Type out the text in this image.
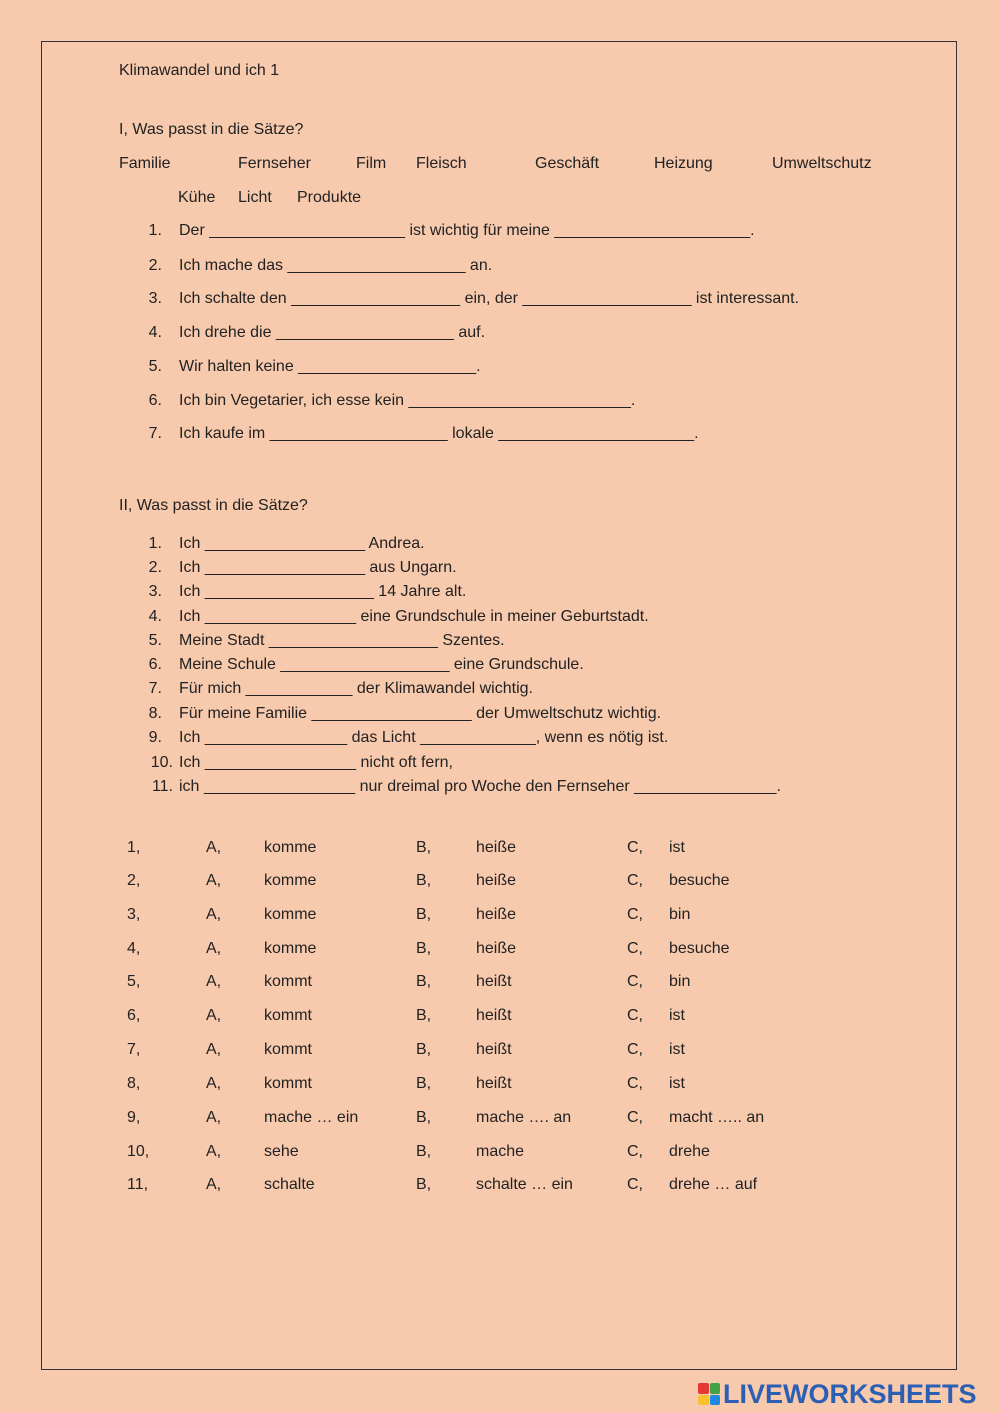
Klimawandel und ich 1
I, Was passt in die Sätze?
Familie	Fernseher	Film Fleisch	Geschäft	Heizung	Umweltschutz
Kühe Licht Produkte
1. Der ______________________ ist wichtig für meine ______________________.
2. Ich mache das ____________________ an.
3. Ich schalte den ___________________ ein, der ___________________ ist interessant.
4. Ich drehe die ____________________ auf.
5. Wir halten keine ____________________.
6. Ich bin Vegetarier, ich esse kein _________________________.
7. Ich kaufe im ____________________ lokale ______________________.
II, Was passt in die Sätze?
1. Ich __________________ Andrea.
2. Ich __________________ aus Ungarn.
3. Ich ___________________ 14 Jahre alt.
4. Ich _________________ eine Grundschule in meiner Geburtstadt.
5. Meine Stadt ___________________ Szentes.
6. Meine Schule ___________________ eine Grundschule.
7. Für mich ____________ der Klimawandel wichtig.
8. Für meine Familie __________________ der Umweltschutz wichtig.
9. Ich ________________ das Licht _____________, wenn es nötig ist.
10. Ich _________________ nicht oft fern,
11. ich _________________ nur dreimal pro Woche den Fernseher ________________.
1,	A,	komme	B,	heiße	C, ist
2,	A,	komme	B,	heiße	C, besuche
3,	A,	komme	B,	heiße	C, bin
4,	A,	komme	B,	heiße	C, besuche
5,	A,	kommt	B,	heißt	C, bin
6,	A,	kommt	B,	heißt	C, ist
7,	A,	kommt	B,	heißt	C, ist
8,	A,	kommt	B,	heißt	C, ist
9,	A,	mache … ein	B,	mache …. an	C, macht ….. an
10,	A,	sehe	B,	mache	C, drehe
11,	A,	schalte	B,	schalte … ein	C, drehe … auf
LIVEWORKSHEETS
